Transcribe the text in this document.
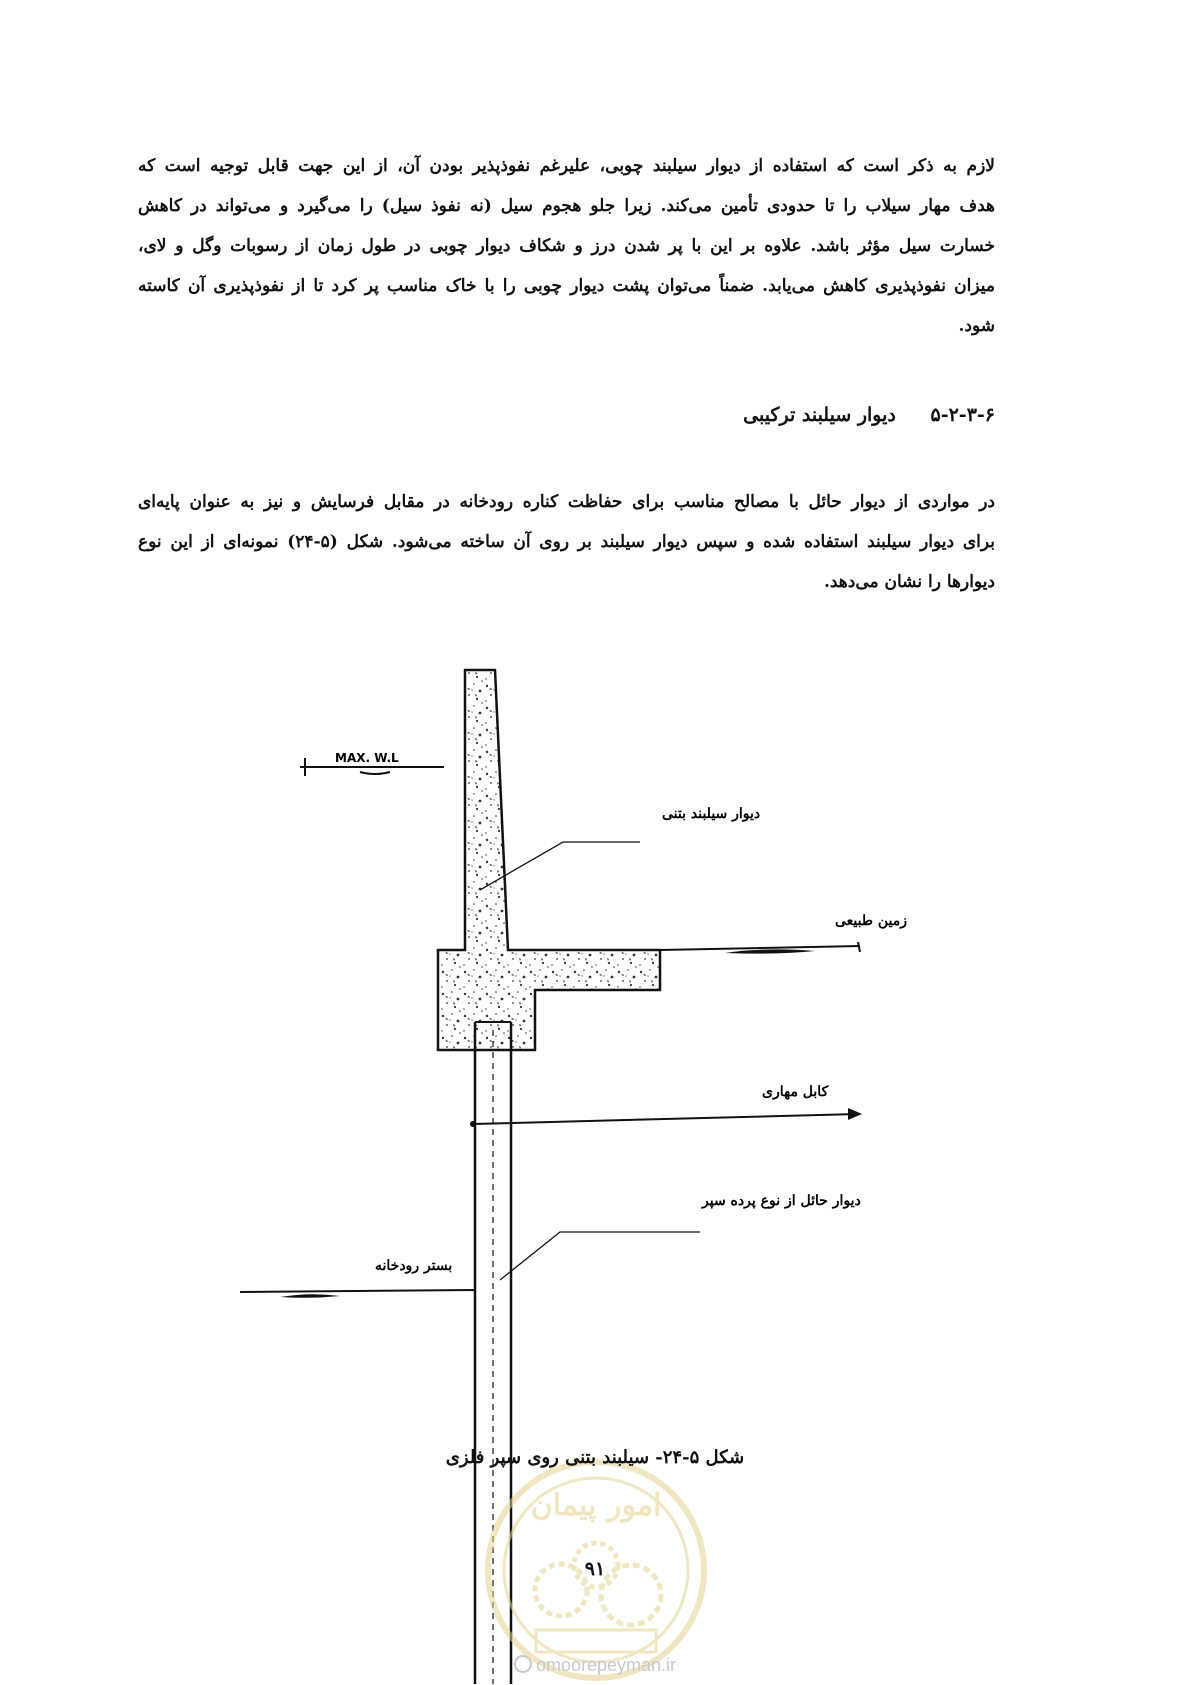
لازم به ذکر است که استفاده از دیوار سیلبند چوبی، علیرغم نفوذپذیر بودن آن، از این جهت قابل توجیه است که
هدف مهار سیلاب را تا حدودی تأمین می‌کند. زیرا جلو هجوم سیل (نه نفوذ سیل) را می‌گیرد و می‌تواند در کاهش
خسارت سیل مؤثر باشد. علاوه بر این با پر شدن درز و شکاف دیوار چوبی در طول زمان از رسوبات وگل و لای،
میزان نفوذپذیری کاهش می‌یابد. ضمناً می‌توان پشت دیوار چوبی را با خاک مناسب پر کرد تا از نفوذپذیری آن کاسته
شود.
۵-۲-۳-۶ دیوار سیلبند ترکیبی
در مواردی از دیوار حائل با مصالح مناسب برای حفاظت کناره رودخانه در مقابل فرسایش و نیز به عنوان پایه‌ای
برای دیوار سیلبند استفاده شده و سپس دیوار سیلبند بر روی آن ساخته می‌شود. شکل (۵-۲۴) نمونه‌ای از این نوع
دیوارها را نشان می‌دهد.
MAX. W.L
دیوار سیلبند بتنی
زمین طبیعی
کابل مهاری
دیوار حائل از نوع پرده سپر
بستر رودخانه
امور پیمان
شکل ۵-۲۴- سیلبند بتنی روی سپر فلزی
۹۱
omoorepeyman.ir
